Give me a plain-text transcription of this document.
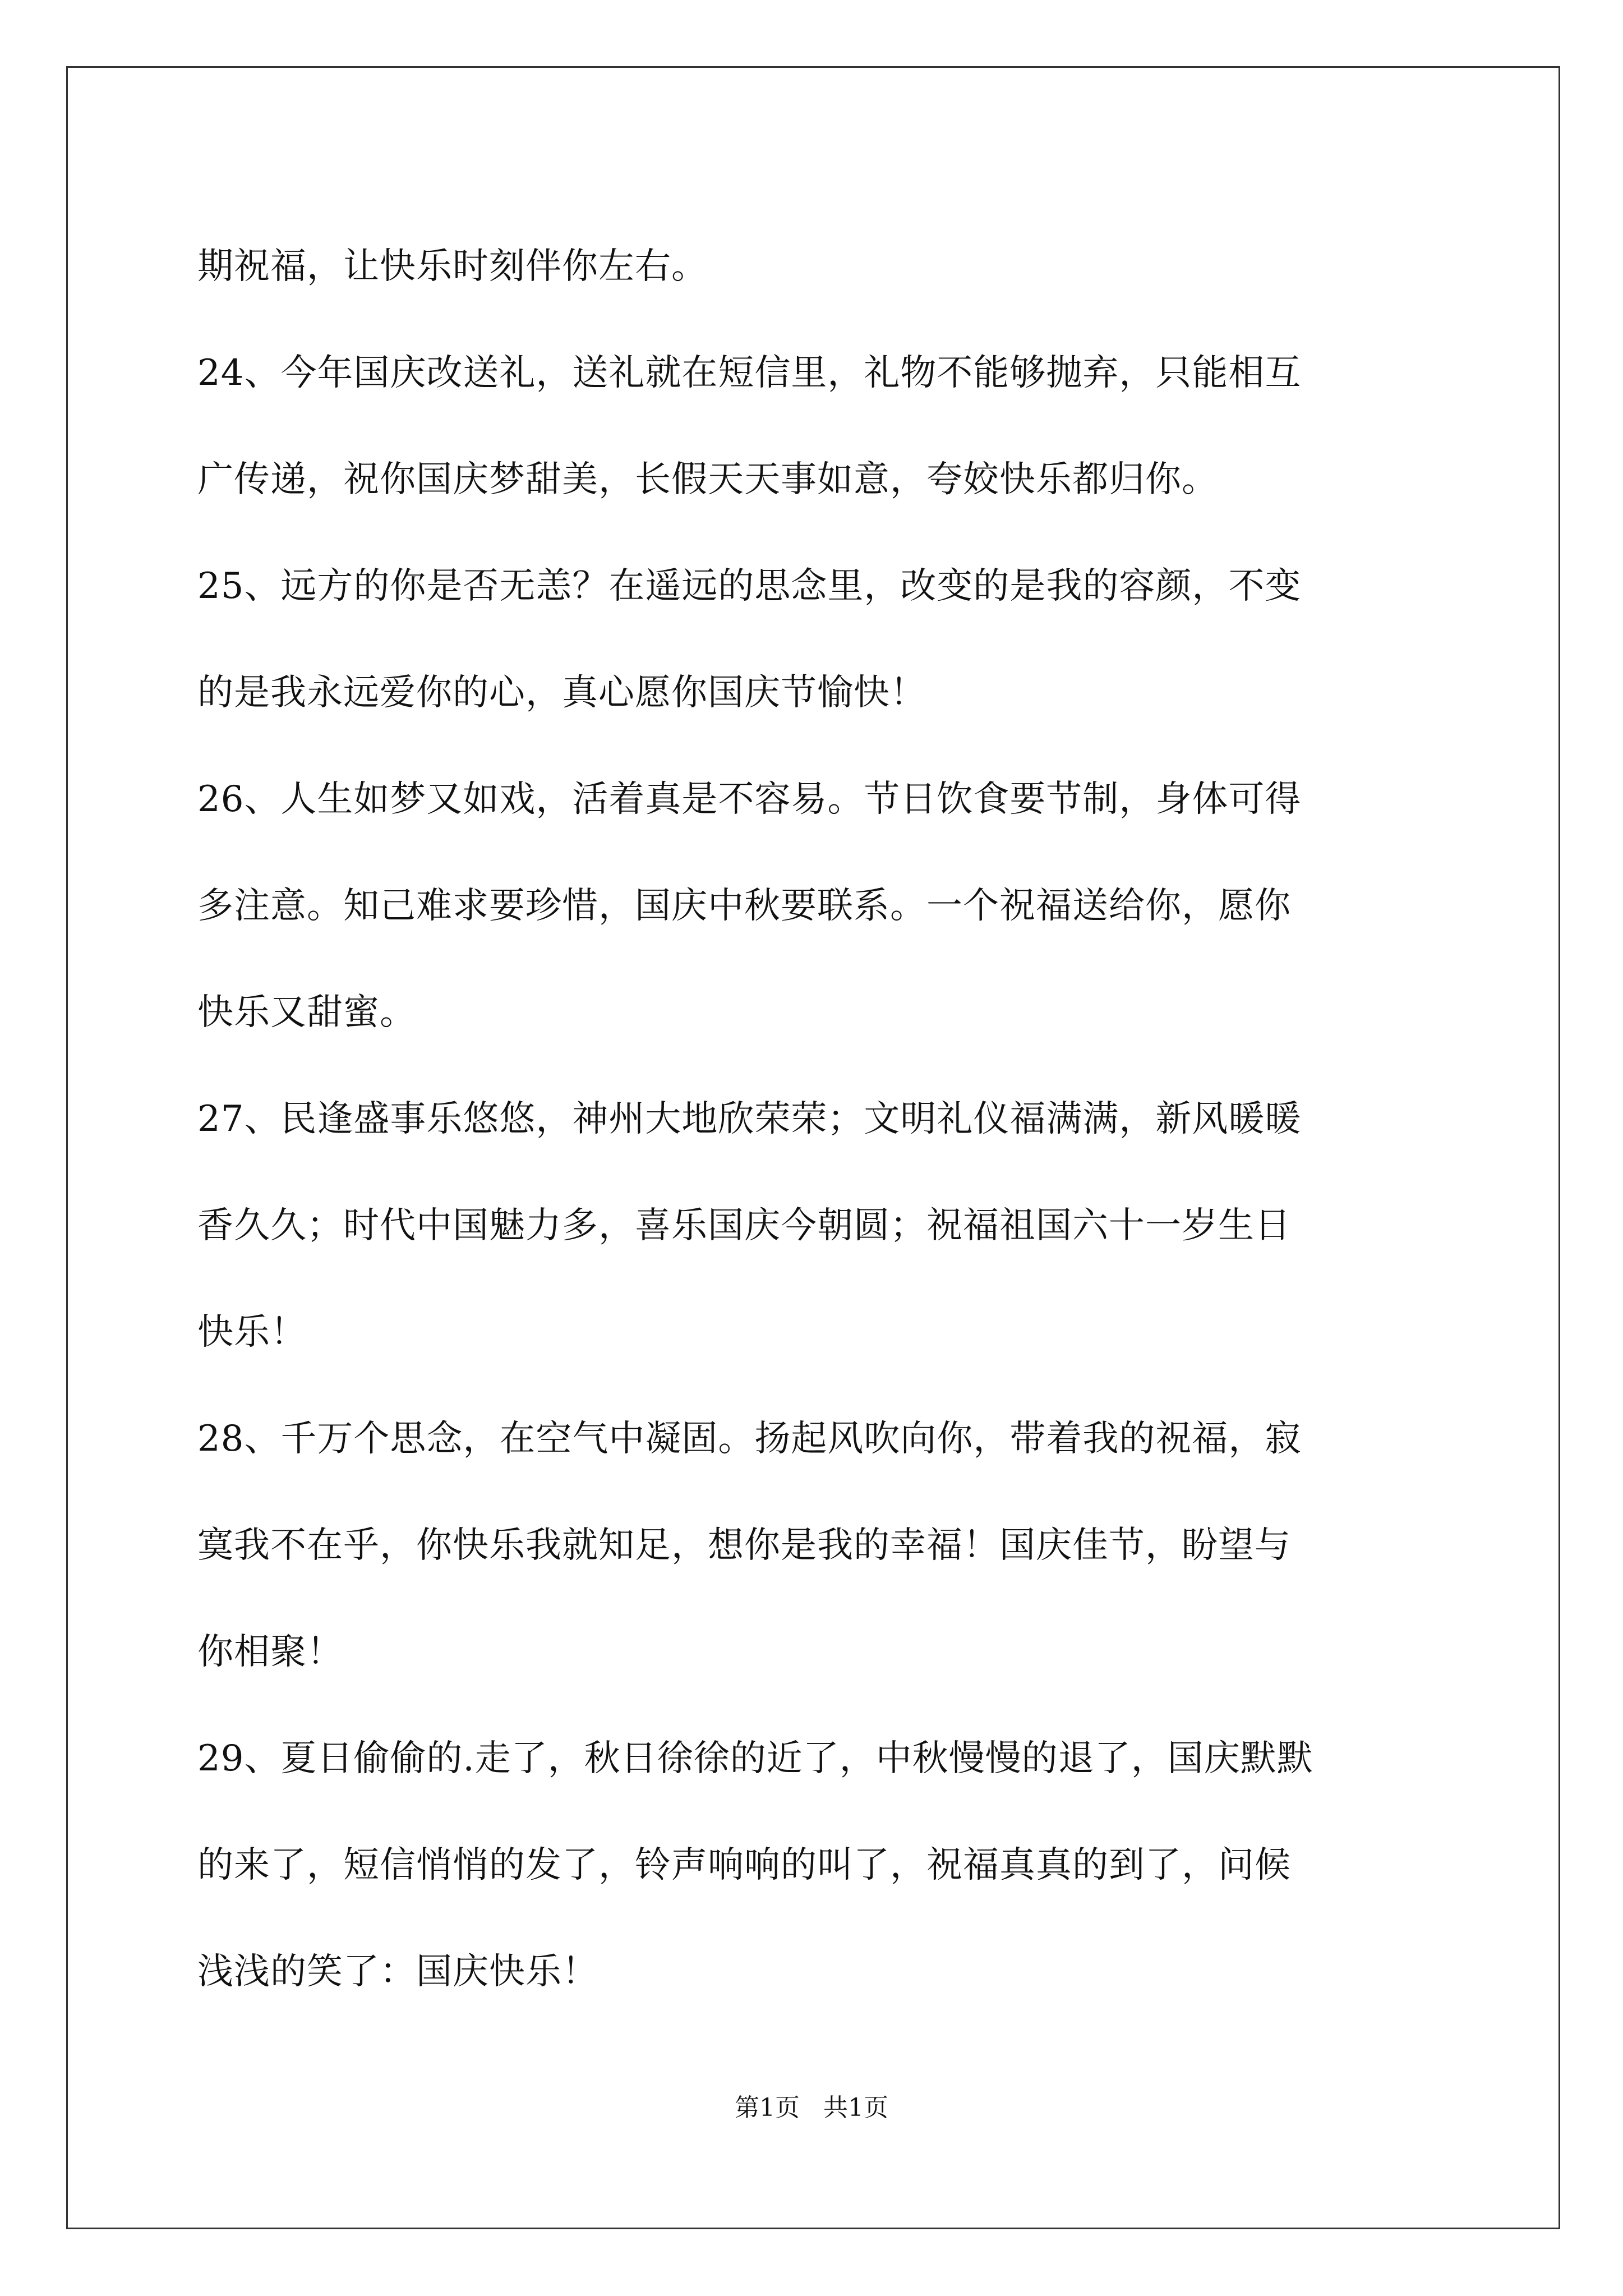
期祝福，让快乐时刻伴你左右。
24、今年国庆改送礼，送礼就在短信里，礼物不能够抛弃，只能相互
广传递，祝你国庆梦甜美，长假天天事如意，夸姣快乐都归你。
25、远方的你是否无恙？在遥远的思念里，改变的是我的容颜，不变
的是我永远爱你的心，真心愿你国庆节愉快！
26、人生如梦又如戏，活着真是不容易。节日饮食要节制，身体可得
多注意。知己难求要珍惜，国庆中秋要联系。一个祝福送给你，愿你
快乐又甜蜜。
27、民逢盛事乐悠悠，神州大地欣荣荣；文明礼仪福满满，新风暖暖
香久久；时代中国魅力多，喜乐国庆今朝圆；祝福祖国六十一岁生日
快乐！
28、千万个思念，在空气中凝固。扬起风吹向你，带着我的祝福，寂
寞我不在乎，你快乐我就知足，想你是我的幸福！国庆佳节，盼望与
你相聚！
29、夏日偷偷的.走了，秋日徐徐的近了，中秋慢慢的退了，国庆默默
的来了，短信悄悄的发了，铃声响响的叫了，祝福真真的到了，问候
浅浅的笑了：国庆快乐！
第1页 共1页
